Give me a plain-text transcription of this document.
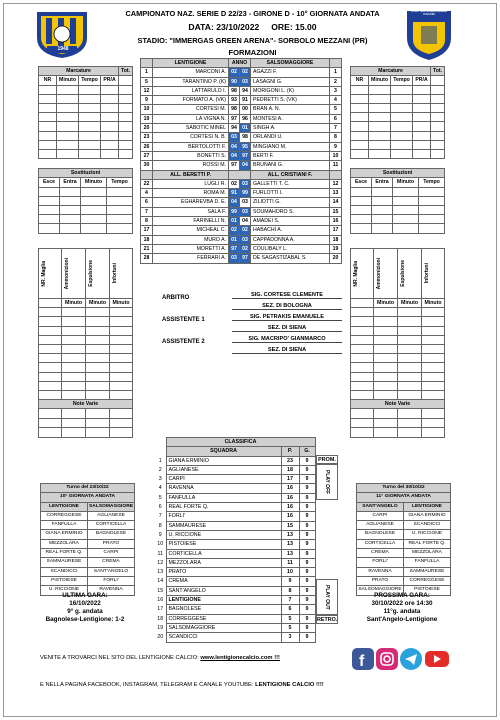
LENTIGIONE CALCIO
1948
S.S.D. SALSOMAGGIORE CALCIO
CAMPIONATO NAZ. SERIE D 22/23 - GIRONE D - 10° GIORNATA ANDATA
DATA: 23/10/2022     ORE: 15.00
STADIO: "IMMERGAS GREEN ARENA"- SORBOLO MEZZANI (PR)
FORMAZIONI
	LENTIGIONE	ANNO		SALSOMAGGIORE	
1	MARCONI A.	02	02	AGAZZI F.	1
5	TARANTINO P. (K)	90	03	LASAGNI G.	2
12	LATTARULO I.	98	94	MORIGONI L. (K)	3
9	FORMATO A. (VK)	93	91	PEDRETTI S. (VK)	4
10	CORTESI M.	98	00	BRAN A. N.	5
19	LA VIGNA N.	97	96	MONTESI A.	6
20	SABOTIC MINEL	94	01	SINGH A.	7
23	CORTESI N. B.	03	98	ORLANDI U.	8
26	BERTOLOTTI F.	04	95	MINGIANO M.	9
27	BONETTI S.	04	97	BERTI F.	10
30	ROSSI M.	97	04	BRUNANI G.	11
	ALL. BERETTI P.			ALL. CRISTIANI F.	
22	LUGLI R.	02	03	GALLETTI T. C.	12
4	ROMA M.	91	99	FURLOTTI I.	13
6	EGHAREVBA D. E.	04	03	ZILIOTTI G.	14
7	SALA F.	99	03	SOUMAHORO S.	15
8	FARINELLI N.	01	04	AMADEI S.	16
17	MICHEAL C.	02	02	HABACHI A.	17
18	MURO A.	01	03	CAPPADONNA A.	18
21	MORETTI A.	97	02	COULIBALY L.	19
28	FERRARI A.	03	97	DE SAGASTIZABAL S.	20
Marcature				Tot.
NR	Minuto	Tempo	PR/A	

Sostituzioni			
Esce	Entra	Minuto	Tempo

NR. Maglia	Ammonizioni	Espulsione	Infortuni

	Minuto	Minuto	Minuto

Note Varie			

Marcature				Tot.
NR	Minuto	Tempo	PR/A	

Sostituzioni			
Esce	Entra	Minuto	Tempo

NR. Maglia	Ammonizioni	Espulsione	Infortuni

	Minuto	Minuto	Minuto

Note Varie			

ARBITRO	SIG. CORTESE CLEMENTE
SEZ. DI BOLOGNA
ASSISTENTE 1	SIG. PETRAKIS EMANUELE
SEZ. DI SIENA
ASSISTENTE 2	SIG. MACRIPO' GIANMARCO
SEZ. DI SIENA
	CLASSIFICA		
	SQUADRA	P.	G.
1	GIANA ERMINIO	23	9
2	AGLIANESE	18	9
3	CARPI	17	9
4	RAVENNA	16	9
5	FANFULLA	16	9
6	REAL FORTE Q.	16	9
7	FORLI'	16	9
8	SAMMAURESE	15	9
9	U. RICCIONE	13	9
10	PISTOIESE	13	9
11	CORTICELLA	13	9
12	MEZZOLARA	11	9
13	PRATO	10	9
14	CREMA	9	9
15	SANT'ANGELO	8	9
16	LENTIGIONE	7	9
17	BAGNOLESE	6	9
18	CORREGGESE	5	9
19	SALSOMAGGIORE	5	9
20	SCANDICCI	3	9
PROM.
PLAY OFF
PLAY OUT
RETRO.
Turno del 23/10/22	
10° GIORNATA ANDATA	
LENTIGIONE	SALSOMAGGIORE
CORREGGESE	AGLIANESE
FANFULLA	CORTICELLA
GIANA ERMINIO	BAGNOLESE
MEZZOLARA	PRATO
REAL FORTE Q.	CARPI
SAMMAURESE	CREMA
SCANDICCI	SANT'ANGELO
PISTOIESE	FORLI'
U. RICCIONE	RAVENNA
Turno del 30/10/22	
11° GIORNATA ANDATA	
SANT'ANGELO	LENTIGIONE
CARPI	GIANA ERMINIO
AGLIANESE	SCANDICCI
BAGNOLESE	U. RICCIONE
CORTICELLA	REAL FORTE Q.
CREMA	MEZZOLARA
FORLI'	FANFULLA
RAVENNA	SAMMAURESE
PRATO	CORREGGESE
SALSOMAGGIORE	PISTOIESE
ULTIMA GARA:
16/10/2022
9° g. andata
Bagnolese-Lentigione: 1-2
PROSSIMA GARA:
30/10/2022 ore 14:30
11°g. andata
Sant'Angelo-Lentigione
VENITE A TROVARCI NEL SITO DEL LENTIGIONE CALCIO: www.lentigionecalcio.com !!!	f
E NELLA PAGINA FACEBOOK, INSTAGRAM, TELEGRAM E CANALE YOUTUBE: LENTIGIONE CALCIO !!!!
